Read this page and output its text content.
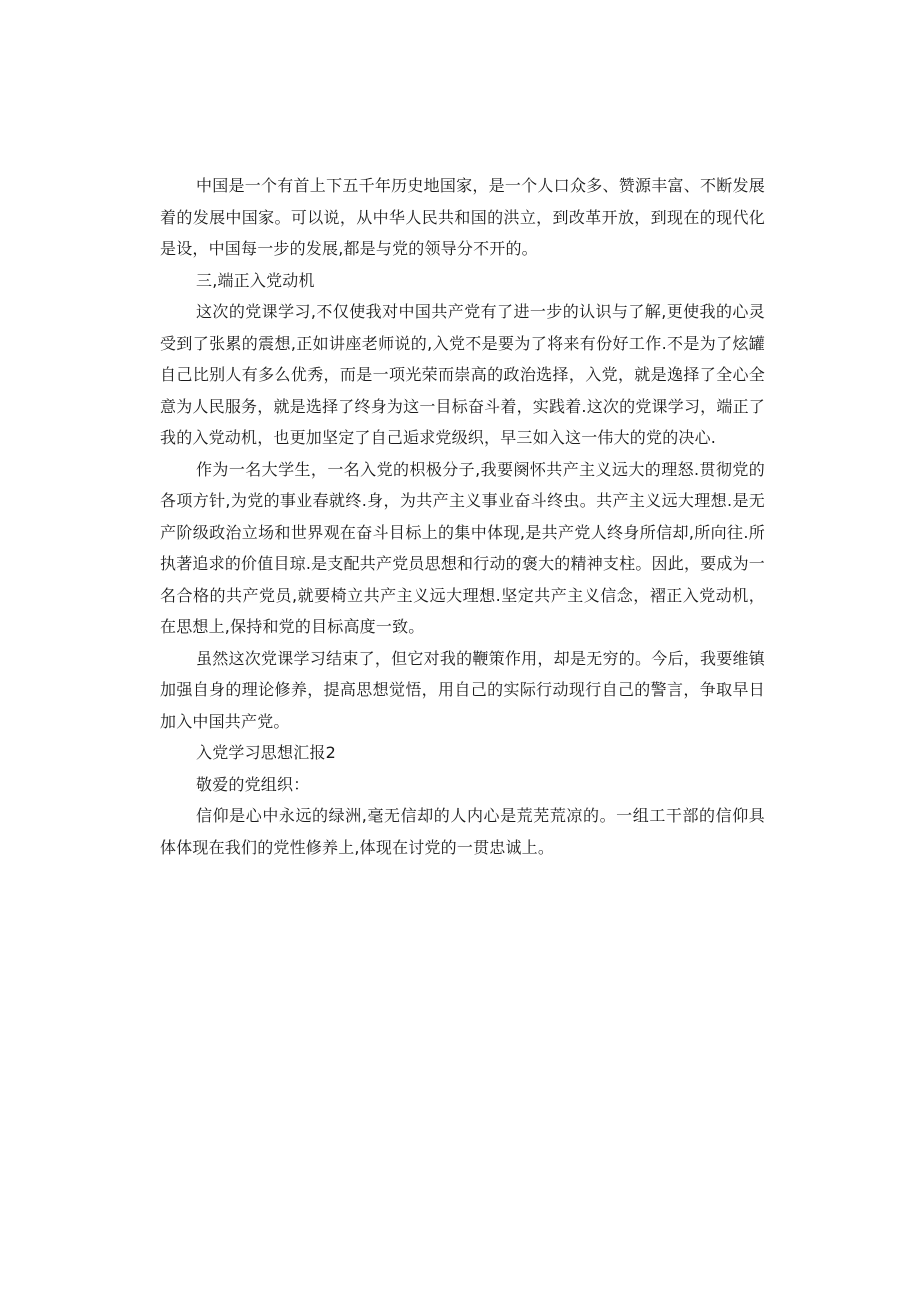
中国是一个有首上下五千年历史地国家，是一个人口众多、赞源丰富、不断发展着的发展中国家。可以说，从中华人民共和国的洪立，到改革开放，到现在的现代化是设，中国每一步的发展,都是与党的领导分不开的。

三,端正入党动机

这次的党课学习,不仅使我对中国共产党有了进一步的认识与了解,更使我的心灵受到了张累的震想,正如讲座老师说的,入党不是要为了将来有份好工作.不是为了炫罐自己比别人有多么优秀，而是一项光荣而崇高的政治选择，入党，就是逸择了全心全意为人民服务，就是选择了终身为这一目标奋斗着，实践着.这次的党课学习，端正了我的入党动机，也更加坚定了自己逅求党级织，早三如入这一伟大的党的决心.

作为一名大学生，一名入党的枳极分子,我要阕怀共产主义远大的理怒.贯彻党的各项方针,为党的事业春就终.身，为共产主义事业奋斗终虫。共产主义远大理想.是无产阶级政治立场和世界观在奋斗目标上的集中体现,是共产党人终身所信却,所向往.所执著追求的价值目琼.是支配共产党员思想和行动的褒大的精神支柱。因此，要成为一名合格的共产党员,就要椅立共产主义远大理想.坚定共产主义信念，褶正入党动机，在思想上,保持和党的目标高度一致。

虽然这次党课学习结束了，但它对我的鞭策作用，却是无穷的。今后，我要维镇加强自身的理论修养，提高思想觉悟，用自己的实际行动现行自己的警言，争取早日加入中国共产党。

入党学习思想汇报2

敬爱的党组织：

信仰是心中永远的绿洲,毫无信却的人内心是荒芜荒凉的。一组工干部的信仰具体体现在我们的党性修养上,体现在讨党的一贯忠诚上。
